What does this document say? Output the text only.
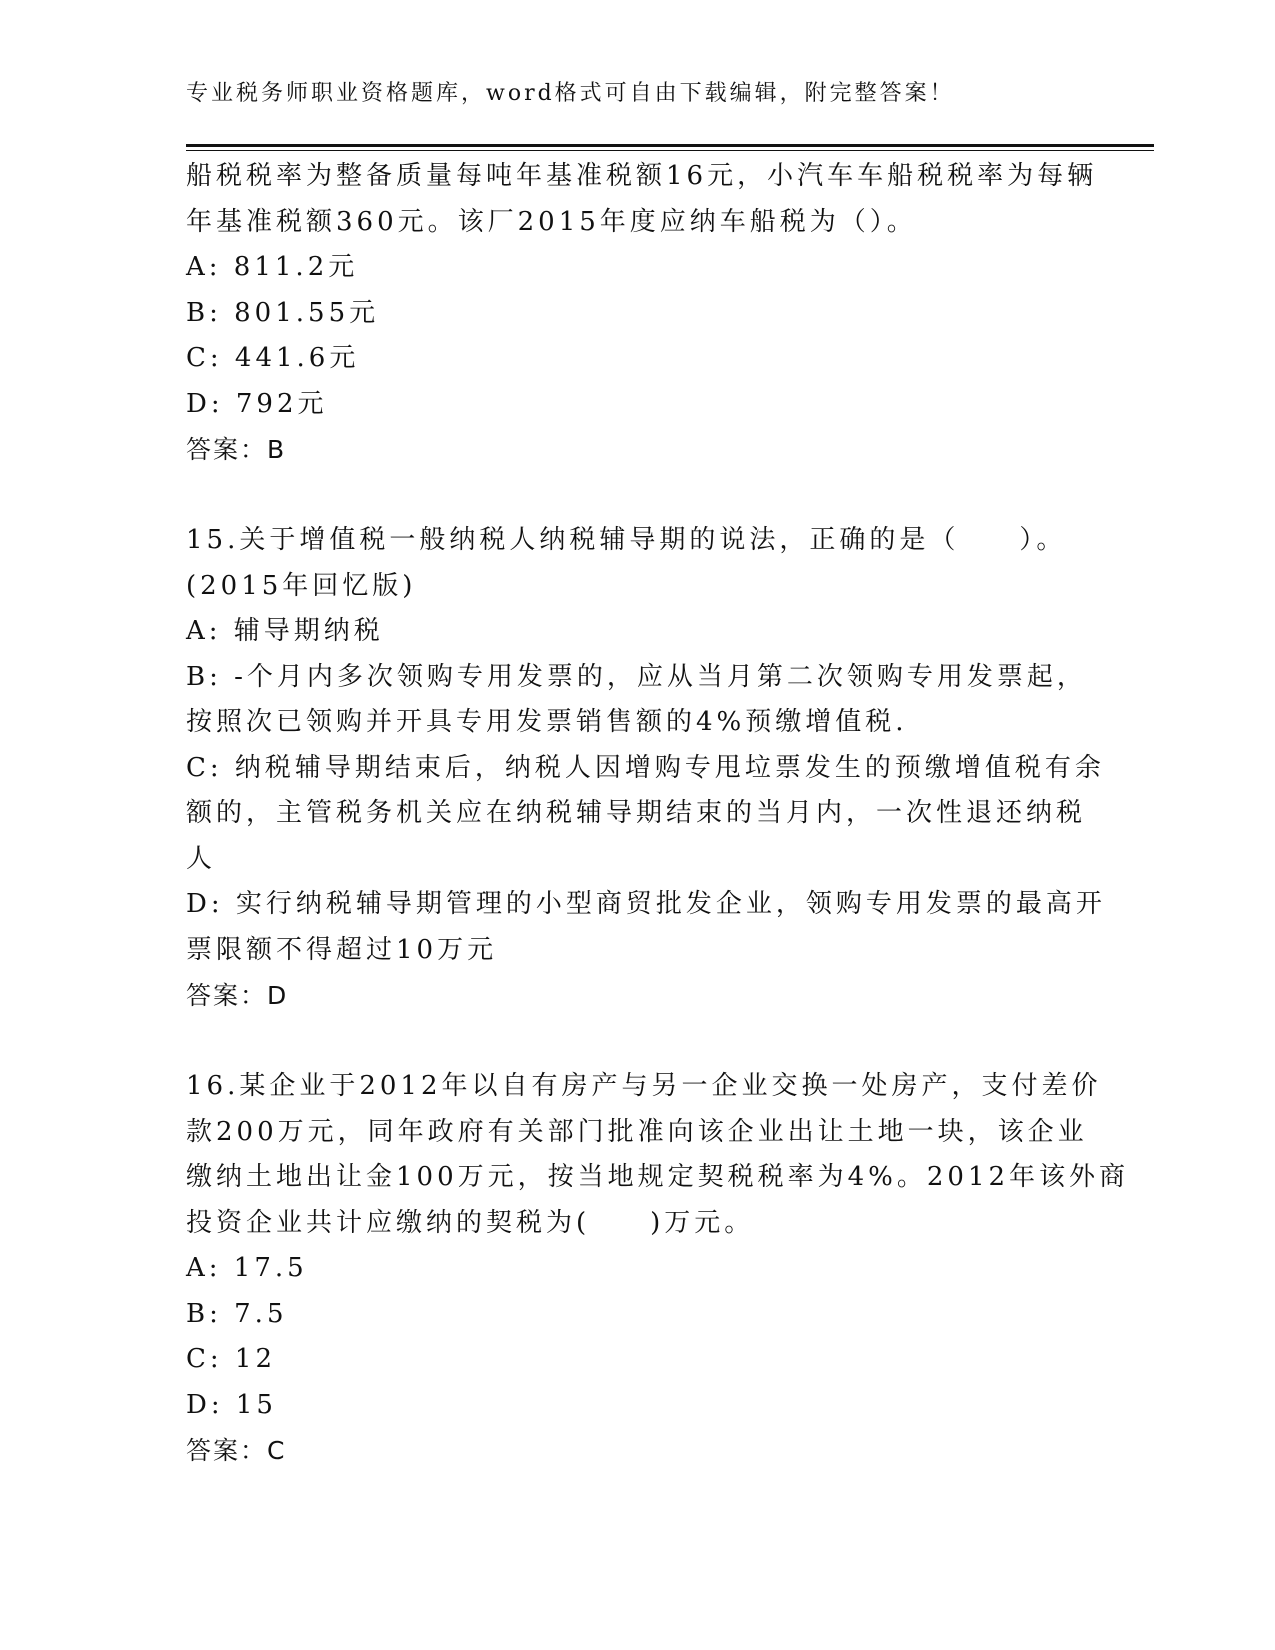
专业税务师职业资格题库，word格式可自由下载编辑，附完整答案！
船税税率为整备质量每吨年基准税额16元，小汽车车船税税率为每辆
年基准税额360元。该厂2015年度应纳车船税为（）。
A: 811.2元
B: 801.55元
C: 441.6元
D: 792元
答案：B
15.关于增值税一般纳税人纳税辅导期的说法，正确的是（　　）。
(2015年回忆版)
A: 辅导期纳税
B: -个月内多次领购专用发票的，应从当月第二次领购专用发票起，
按照次已领购并开具专用发票销售额的4%预缴增值税.
C: 纳税辅导期结束后，纳税人因增购专甩垃票发生的预缴增值税有余
额的，主管税务机关应在纳税辅导期结束的当月内，一次性退还纳税
人
D: 实行纳税辅导期管理的小型商贸批发企业，领购专用发票的最高开
票限额不得超过10万元
答案：D
16.某企业于2012年以自有房产与另一企业交换一处房产，支付差价
款200万元，同年政府有关部门批准向该企业出让土地一块，该企业
缴纳土地出让金100万元，按当地规定契税税率为4%。2012年该外商
投资企业共计应缴纳的契税为(　　)万元。
A: 17.5
B: 7.5
C: 12
D: 15
答案：C
